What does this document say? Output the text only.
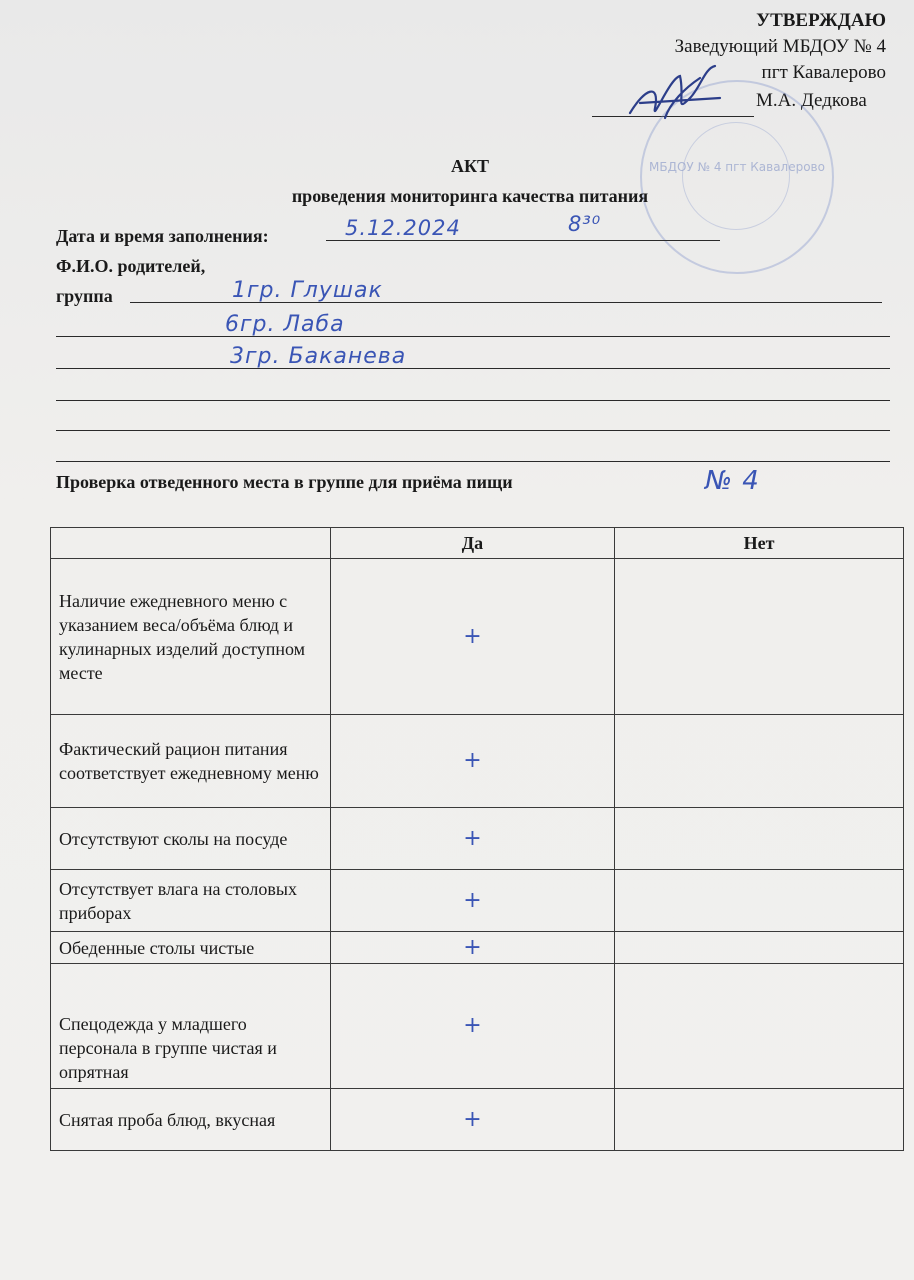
УТВЕРЖДАЮ
Заведующий МБДОУ № 4
пгт Кавалерово
М.А. Дедкова
МБДОУ № 4 пгт Кавалерово
АКТ
проведения мониторинга качества питания
Дата и время заполнения:	5.12.2024	8³⁰
Ф.И.О. родителей,
группа	1гр. Глушак
6гр. Лаба
3гр. Баканева
Проверка отведенного места в группе для приёма пищи	№ 4
	Да	Нет
Наличие ежедневного меню с указанием веса/объёма блюд и кулинарных изделий доступном месте	+	
Фактический рацион питания соответствует ежедневному меню	+	
Отсутствуют сколы на посуде	+	
Отсутствует влага на столовых приборах	+	
Обеденные столы чистые	+	
Спецодежда у младшего персонала в группе чистая и опрятная	+	
Снятая проба блюд, вкусная	+	
